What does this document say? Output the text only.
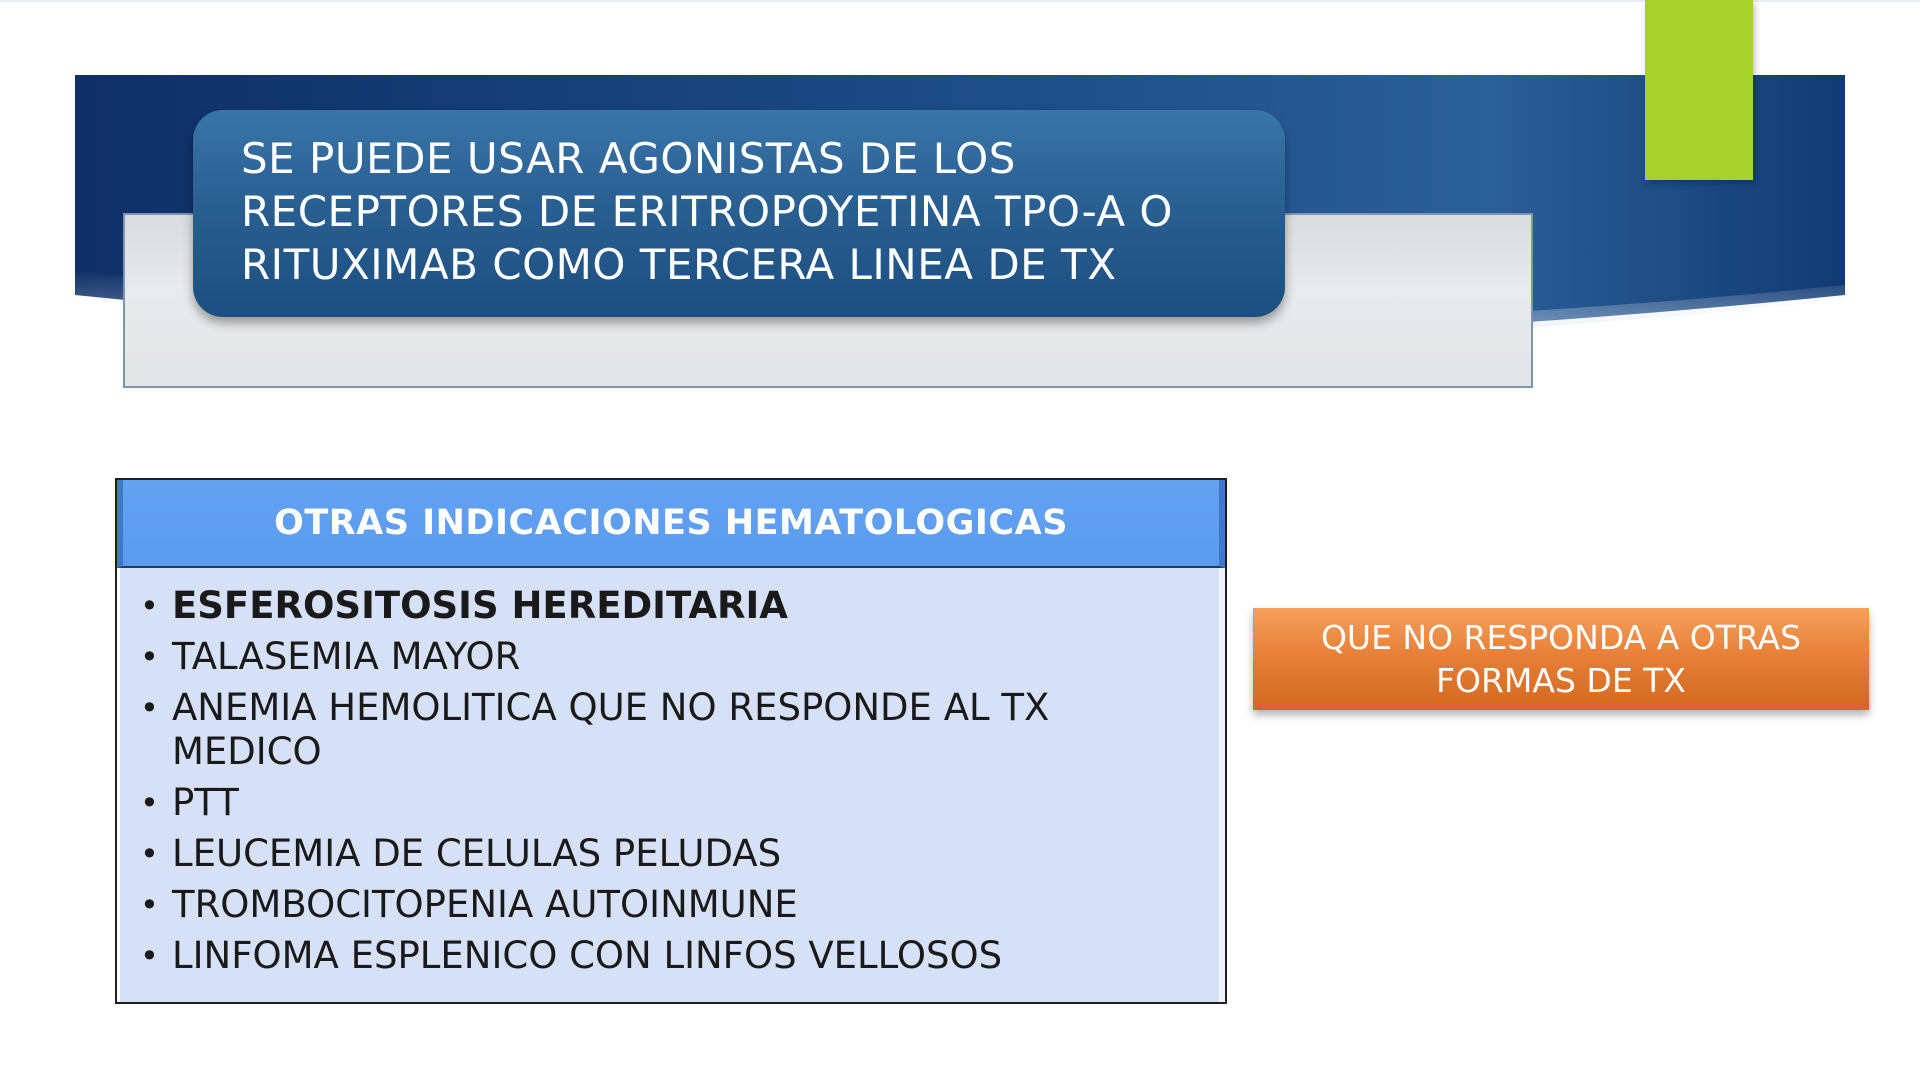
SE PUEDE USAR AGONISTAS DE LOS
RECEPTORES DE ERITROPOYETINA TPO-A O
RITUXIMAB COMO TERCERA LINEA DE TX
OTRAS INDICACIONES HEMATOLOGICAS
• ESFEROSITOSIS HEREDITARIA
• TALASEMIA MAYOR
• ANEMIA HEMOLITICA QUE NO RESPONDE AL TX
MEDICO
• PTT
• LEUCEMIA DE CELULAS PELUDAS
• TROMBOCITOPENIA AUTOINMUNE
• LINFOMA ESPLENICO CON LINFOS VELLOSOS
QUE NO RESPONDA A OTRAS
FORMAS DE TX
